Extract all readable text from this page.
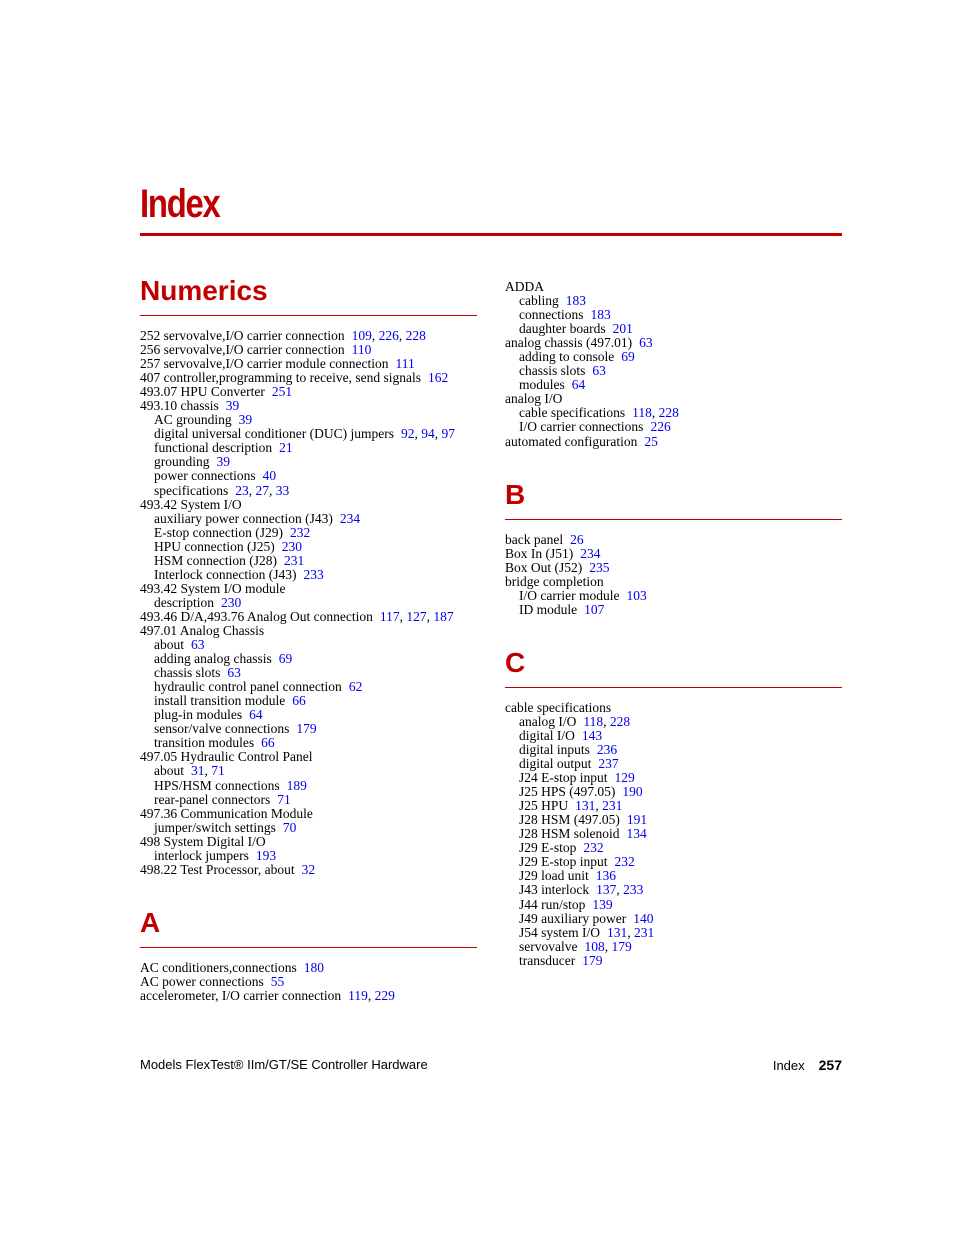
Index
Numerics
252 servovalve,I/O carrier connection 109, 226, 228
256 servovalve,I/O carrier connection 110
257 servovalve,I/O carrier module connection 111
407 controller,programming to receive, send signals 162
493.07 HPU Converter 251
493.10 chassis 39
AC grounding 39
digital universal conditioner (DUC) jumpers 92, 94, 97
functional description 21
grounding 39
power connections 40
specifications 23, 27, 33
493.42 System I/O
auxiliary power connection (J43) 234
E-stop connection (J29) 232
HPU connection (J25) 230
HSM connection (J28) 231
Interlock connection (J43) 233
493.42 System I/O module
description 230
493.46 D/A,493.76 Analog Out connection 117, 127, 187
497.01 Analog Chassis
about 63
adding analog chassis 69
chassis slots 63
hydraulic control panel connection 62
install transition module 66
plug-in modules 64
sensor/valve connections 179
transition modules 66
497.05 Hydraulic Control Panel
about 31, 71
HPS/HSM connections 189
rear-panel connectors 71
497.36 Communication Module
jumper/switch settings 70
498 System Digital I/O
interlock jumpers 193
498.22 Test Processor, about 32
A
AC conditioners,connections 180
AC power connections 55
accelerometer, I/O carrier connection 119, 229
ADDA
cabling 183
connections 183
daughter boards 201
analog chassis (497.01) 63
adding to console 69
chassis slots 63
modules 64
analog I/O
cable specifications 118, 228
I/O carrier connections 226
automated configuration 25
B
back panel 26
Box In (J51) 234
Box Out (J52) 235
bridge completion
I/O carrier module 103
ID module 107
C
cable specifications
analog I/O 118, 228
digital I/O 143
digital inputs 236
digital output 237
J24 E-stop input 129
J25 HPS (497.05) 190
J25 HPU 131, 231
J28 HSM (497.05) 191
J28 HSM solenoid 134
J29 E-stop 232
J29 E-stop input 232
J29 load unit 136
J43 interlock 137, 233
J44 run/stop 139
J49 auxiliary power 140
J54 system I/O 131, 231
servovalve 108, 179
transducer 179
Models FlexTest® IIm/GT/SE Controller Hardware	Index 257
